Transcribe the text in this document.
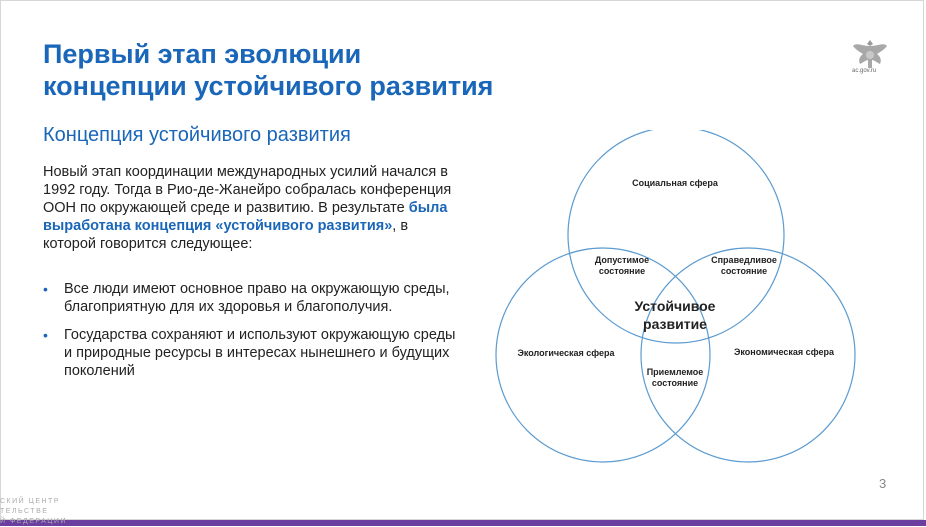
Первый этап эволюции
концепции устойчивого развития	ac.gov.ru
Концепция устойчивого развития

Новый этап координации международных усилий начался в 1992 году. Тогда в Рио-де-Жанейро собралась конференция ООН по окружающей среде и развитию. В результате была выработана концепция «устойчивого развития», в которой говорится следующее:

• Все люди имеют основное право на окружающую среды, благоприятную для их здоровья и благополучия.
• Государства сохраняют и используют окружающую среды и природные ресурсы в интересах нынешнего и будущих поколений
Социальная сфера
Экологическая сфера	Экономическая сфера
Допустимое
состояние
Справедливое
состояние
Приемлемое
состояние
Устойчивое
развитие
3
СКИЙ ЦЕНТР
ТЕЛЬСТВЕ
Й ФЕДЕРАЦИИ
